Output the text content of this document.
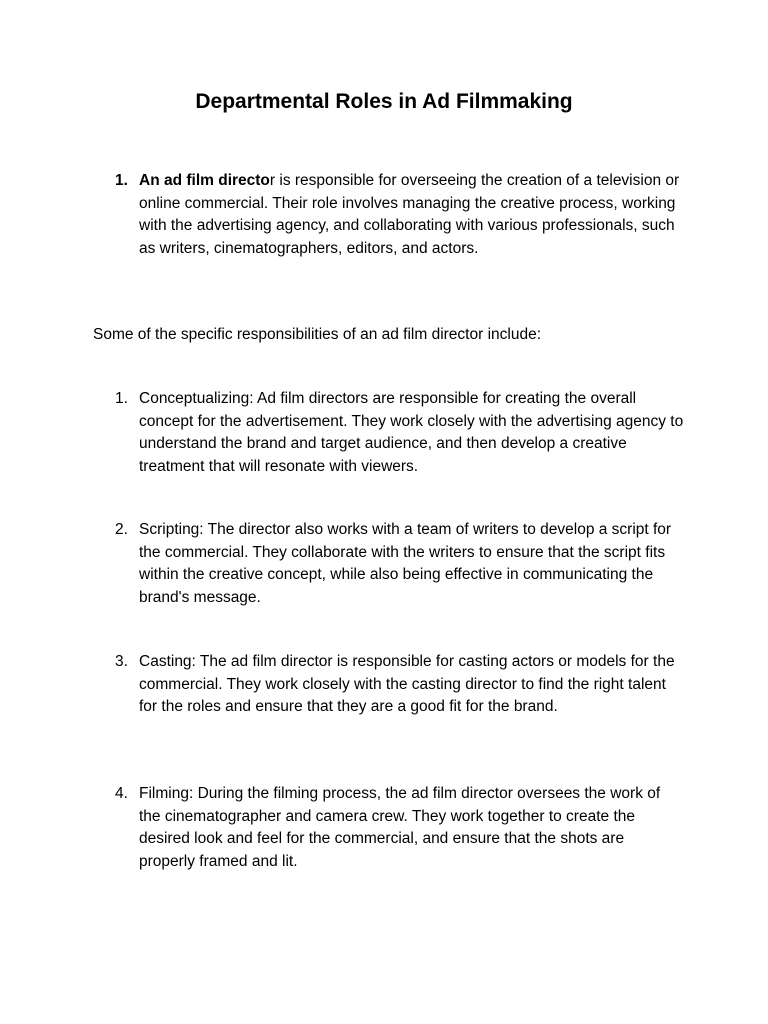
Departmental Roles in Ad Filmmaking
1. An ad film director is responsible for overseeing the creation of a television or online commercial. Their role involves managing the creative process, working with the advertising agency, and collaborating with various professionals, such as writers, cinematographers, editors, and actors.

Some of the specific responsibilities of an ad film director include:

1. Conceptualizing: Ad film directors are responsible for creating the overall concept for the advertisement. They work closely with the advertising agency to understand the brand and target audience, and then develop a creative treatment that will resonate with viewers.
2. Scripting: The director also works with a team of writers to develop a script for the commercial. They collaborate with the writers to ensure that the script fits within the creative concept, while also being effective in communicating the brand's message.
3. Casting: The ad film director is responsible for casting actors or models for the commercial. They work closely with the casting director to find the right talent for the roles and ensure that they are a good fit for the brand.
4. Filming: During the filming process, the ad film director oversees the work of the cinematographer and camera crew. They work together to create the desired look and feel for the commercial, and ensure that the shots are properly framed and lit.
